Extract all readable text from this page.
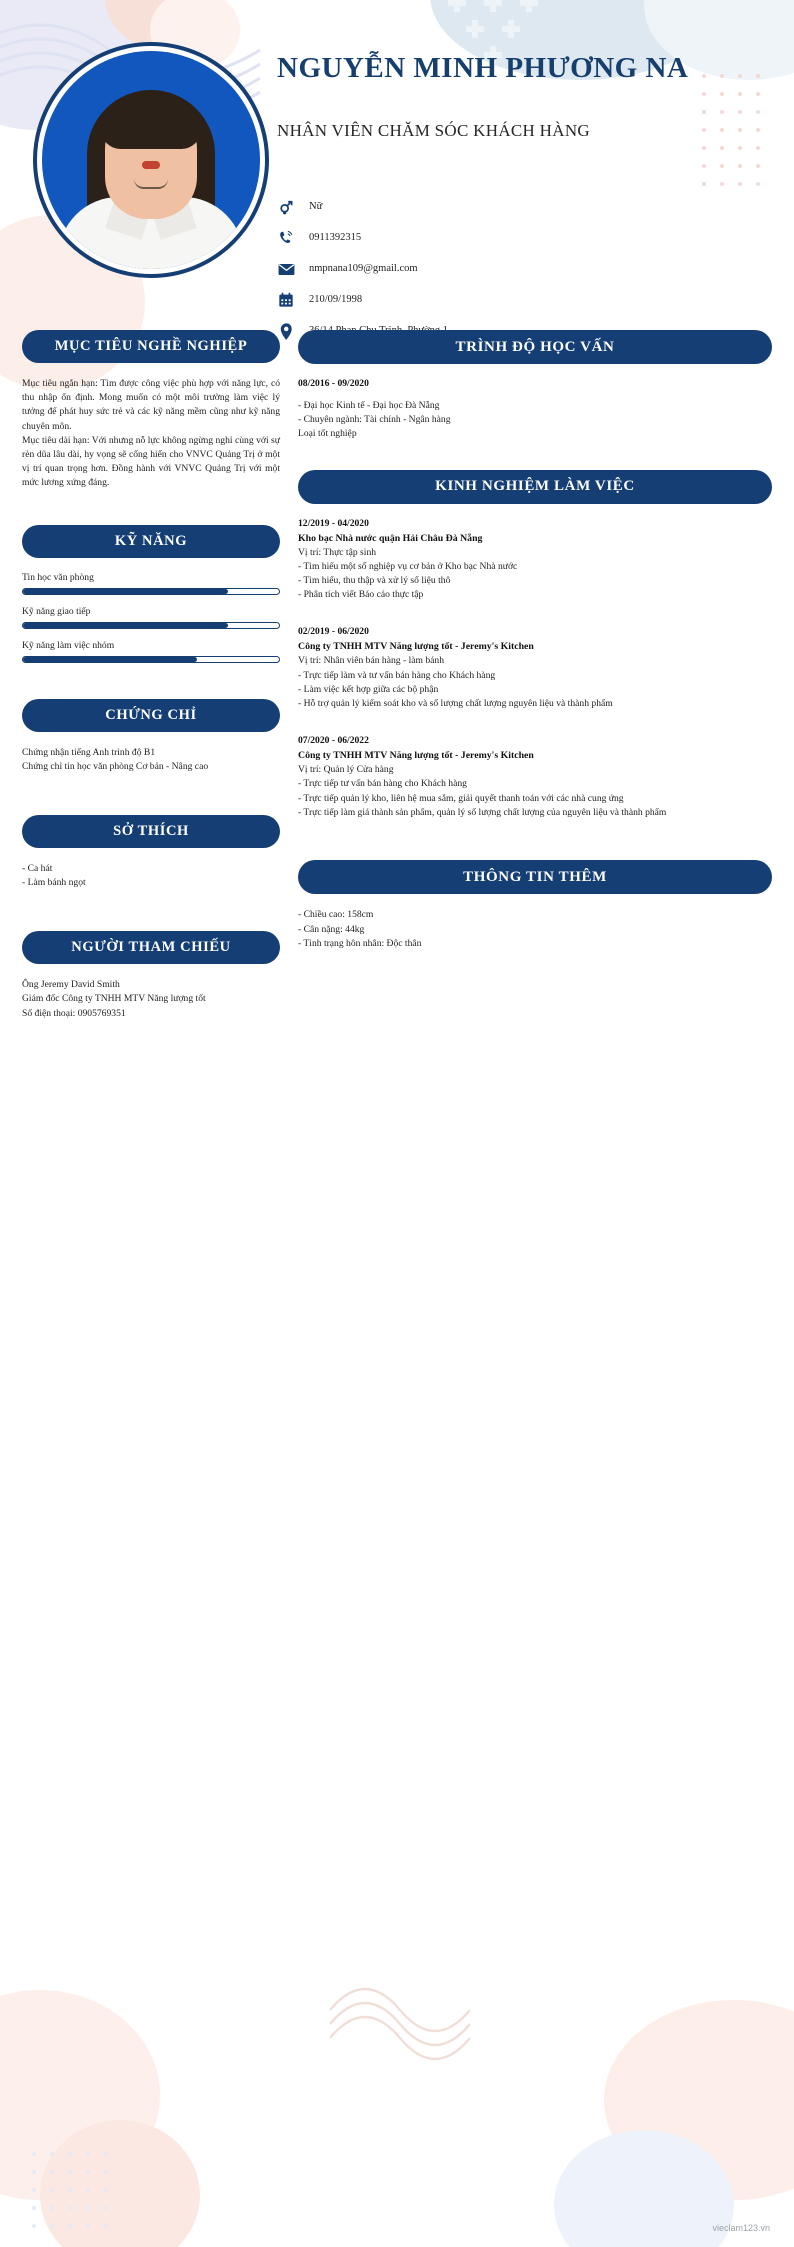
NGUYỄN MINH PHƯƠNG NA
NHÂN VIÊN CHĂM SÓC KHÁCH HÀNG
Nữ
0911392315
nmpnana109@gmail.com
210/09/1998
MỤC TIÊU NGHỀ NGHIỆP

Mục tiêu ngắn hạn: Tìm được công việc phù hợp với năng lực, có thu nhập ổn định. Mong muốn có một môi trường làm việc lý tưởng để phát huy sức trẻ và các kỹ năng mềm cũng như kỹ năng chuyên môn.

Mục tiêu dài hạn: Với nhưng nỗ lực không ngừng nghỉ cùng với sự rèn dũa lâu dài, hy vọng sẽ cống hiến cho VNVC Quảng Trị ở một vị trí quan trọng hơn. Đồng hành với VNVC Quảng Trị với một mức lương xứng đáng.

KỸ NĂNG
Tin học văn phòng
Kỹ năng giao tiếp
Kỹ năng làm việc nhóm
CHỨNG CHỈ
Chứng nhận tiếng Anh trình độ B1
Chứng chỉ tin học văn phòng Cơ bản - Nâng cao
SỞ THÍCH
- Ca hát
- Làm bánh ngọt
NGƯỜI THAM CHIẾU
Ông Jeremy David Smith
Giám đốc Công ty TNHH MTV Năng lượng tốt
Số điện thoại: 0905769351
TRÌNH ĐỘ HỌC VẤN
08/2016 - 09/2020
- Đại học Kinh tế - Đại học Đà Nẵng
- Chuyên ngành: Tài chính - Ngân hàng
Loại tốt nghiệp
KINH NGHIỆM LÀM VIỆC
12/2019 - 04/2020
Kho bạc Nhà nước quận Hải Châu Đà Nẵng
Vị trí: Thực tập sinh
- Tìm hiểu một số nghiệp vụ cơ bản ở Kho bạc Nhà nước
- Tìm hiểu, thu thập và xử lý số liệu thô
- Phân tích viết Báo cáo thực tập
02/2019 - 06/2020
Công ty TNHH MTV Năng lượng tốt - Jeremy's Kitchen
Vị trí: Nhân viên bán hàng - làm bánh
- Trực tiếp làm và tư vấn bán hàng cho Khách hàng
- Làm việc kết hợp giữa các bộ phận
- Hỗ trợ quản lý kiểm soát kho và số lượng chất lượng nguyên liệu và thành phẩm
07/2020 - 06/2022
Công ty TNHH MTV Năng lượng tốt - Jeremy's Kitchen
Vị trí: Quản lý Cửa hàng
- Trực tiếp tư vấn bán hàng cho Khách hàng
- Trực tiếp quản lý kho, liên hệ mua sắm, giải quyết thanh toán với các nhà cung ứng
- Trực tiếp làm giá thành sản phẩm, quản lý số lượng chất lượng của nguyên liệu và thành phẩm
THÔNG TIN THÊM
- Chiều cao: 158cm
- Cân nặng: 44kg
- Tình trạng hôn nhân: Độc thân
vieclam123.vn
